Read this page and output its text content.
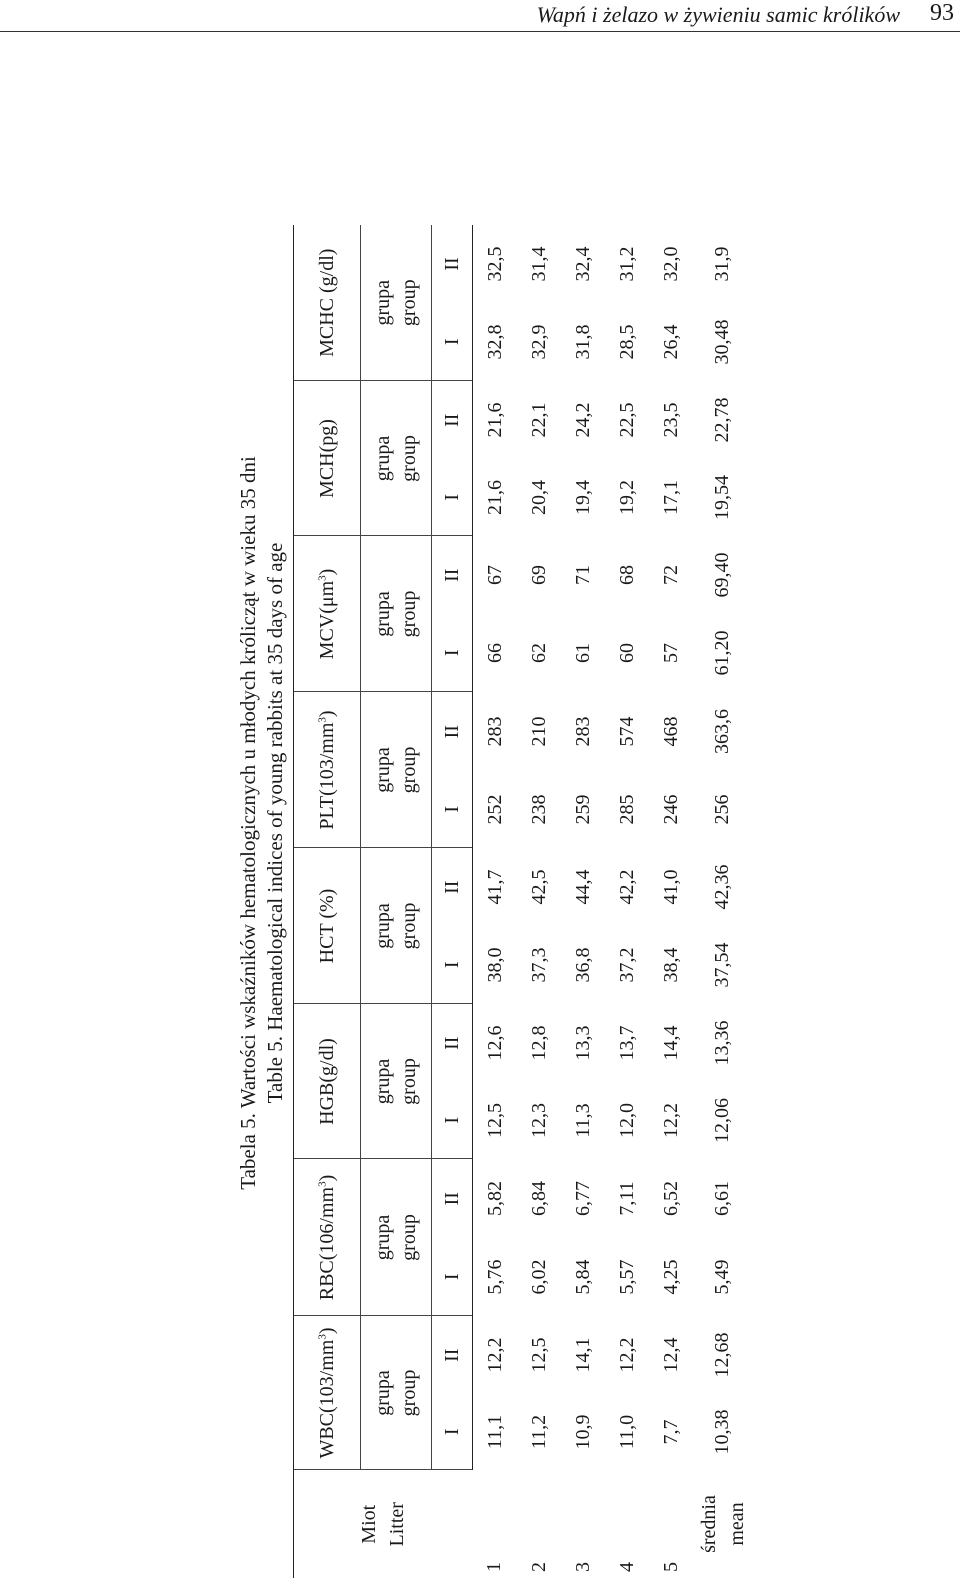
Wapń i żelazo w żywieniu samic królików 93
Tabela 5. Wartości wskaźników hematologicznych u młodych królicząt w wieku 35 dni Table 5. Haematological indices of young rabbits at 35 days of age
Miot Litter	$WBC(103/mm^3)$		$RBC(106/mm^3)$		HGB(g/dl)		HCT (%)		$PLT(103/mm^3)$		$MCV(\mu m^3)$		MCH(pg)		MCHC (g/dl)	
	grupa group		grupa group		grupa group		grupa group		grupa group		grupa group		grupa group		grupa group	
	I	II	I	II	I	II	I	II	I	II	I	II	I	II	I	II
1	11,1	12,2	5,76	5,82	12,5	12,6	38,0	41,7	252	283	66	67	21,6	21,6	32,8	32,5
2	11,2	12,5	6,02	6,84	12,3	12,8	37,3	42,5	238	210	62	69	20,4	22,1	32,9	31,4
3	10,9	14,1	5,84	6,77	11,3	13,3	36,8	44,4	259	283	61	71	19,4	24,2	31,8	32,4
4	11,0	12,2	5,57	7,11	12,0	13,7	37,2	42,2	285	574	60	68	19,2	22,5	28,5	31,2
5	7,7	12,4	4,25	6,52	12,2	14,4	38,4	41,0	246	468	57	72	17,1	23,5	26,4	32,0
średnia mean	10,38	12,68	5,49	6,61	12,06	13,36	37,54	42,36	256	363,6	61,20	69,40	19,54	22,78	30,48	31,9
